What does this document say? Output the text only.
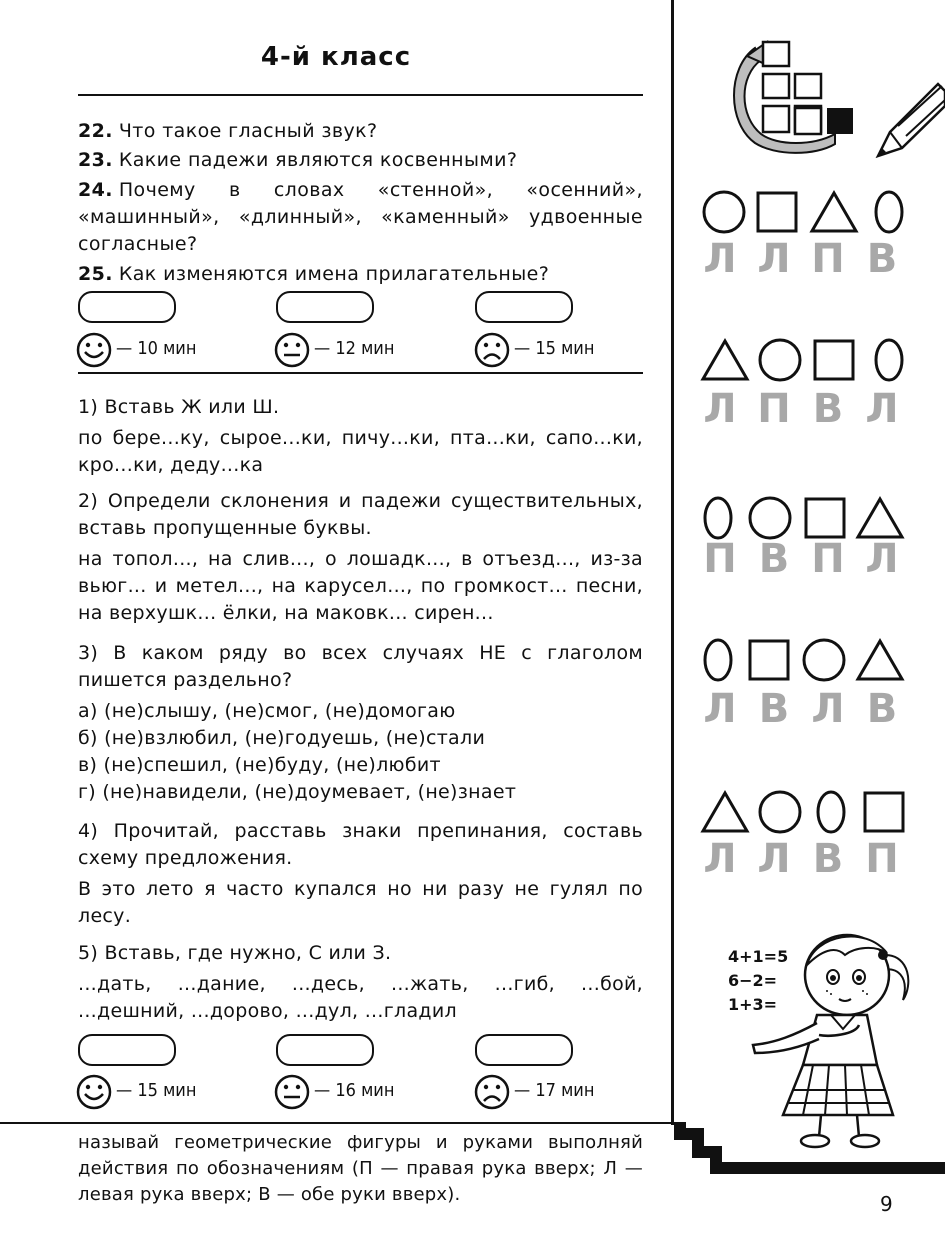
4-й класс
22. Что такое гласный звук?
23. Какие падежи являются косвенными?
24. Почему в словах «стенной», «осенний», «машинный», «длинный», «каменный» удвоенные согласные?
25. Как изменяются имена прилагательные?
— 10 мин	— 12 мин	— 15 мин
1) Вставь Ж или Ш.
по бере...ку, сырое...ки, пичу...ки, пта...ки, сапо...ки, кро...ки, деду...ка
2) Определи склонения и падежи существительных, вставь пропущенные буквы.
на топол..., на слив..., о лошадк..., в отъезд..., из-за вьюг... и метел..., на карусел..., по громкост... песни, на верхушк... ёлки, на маковк... сирен...
3) В каком ряду во всех случаях НЕ с глаголом пишется раздельно?
а) (не)слышу, (не)смог, (не)домогаю
б) (не)взлюбил, (не)годуешь, (не)стали
в) (не)спешил, (не)буду, (не)любит
г) (не)навидели, (не)доумевает, (не)знает
4) Прочитай, расставь знаки препинания, составь схему предложения.
В это лето я часто купался но ни разу не гулял по лесу.
5) Вставь, где нужно, С или З.
...дать, ...дание, ...десь, ...жать, ...гиб, ...бой, ...дешний, ...дорово, ...дул, ...гладил
— 15 мин	— 16 мин	— 17 мин
называй геометрические фигуры и руками выполняй действия по обозначениям (П — правая рука вверх; Л — левая рука вверх; В — обе руки вверх).	9
Л Л П В
Л П В Л
П В П Л
Л В Л В
Л Л В П
4+1=5
6−2=
1+3=
